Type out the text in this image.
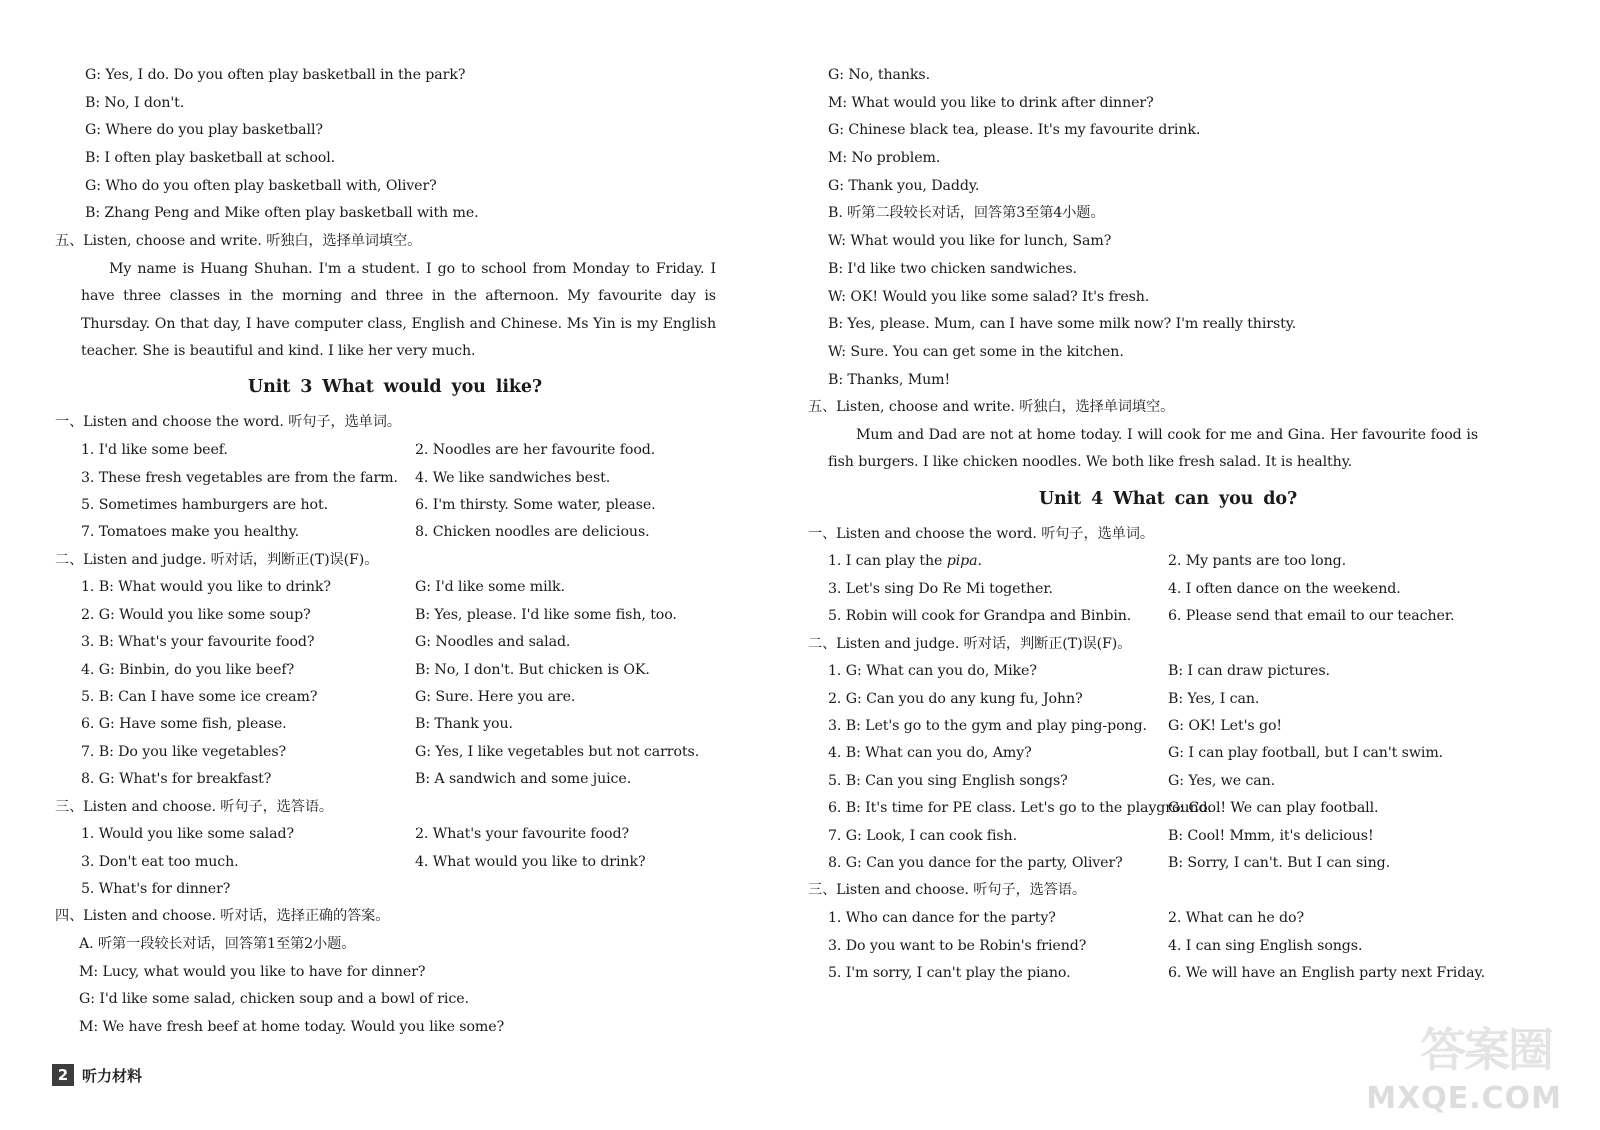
G: Yes, I do. Do you often play basketball in the park?
B: No, I don't.
G: Where do you play basketball?
B: I often play basketball at school.
G: Who do you often play basketball with, Oliver?
B: Zhang Peng and Mike often play basketball with me.
五、Listen, choose and write. 听独白，选择单词填空。

My name is Huang Shuhan. I'm a student. I go to school from Monday to Friday. I have three classes in the morning and three in the afternoon. My favourite day is Thursday. On that day, I have computer class, English and Chinese. Ms Yin is my English teacher. She is beautiful and kind. I like her very much.

Unit 3 What would you like?
一、Listen and choose the word. 听句子，选单词。
1. I'd like some beef.	2. Noodles are her favourite food.
3. These fresh vegetables are from the farm.	4. We like sandwiches best.
5. Sometimes hamburgers are hot.	6. I'm thirsty. Some water, please.
7. Tomatoes make you healthy.	8. Chicken noodles are delicious.
二、Listen and judge. 听对话，判断正(T)误(F)。
1. B: What would you like to drink?	G: I'd like some milk.
2. G: Would you like some soup?	B: Yes, please. I'd like some fish, too.
3. B: What's your favourite food?	G: Noodles and salad.
4. G: Binbin, do you like beef?	B: No, I don't. But chicken is OK.
5. B: Can I have some ice cream?	G: Sure. Here you are.
6. G: Have some fish, please.	B: Thank you.
7. B: Do you like vegetables?	G: Yes, I like vegetables but not carrots.
8. G: What's for breakfast?	B: A sandwich and some juice.
三、Listen and choose. 听句子，选答语。
1. Would you like some salad?	2. What's your favourite food?
3. Don't eat too much.	4. What would you like to drink?
5. What's for dinner?
四、Listen and choose. 听对话，选择正确的答案。
A. 听第一段较长对话，回答第1至第2小题。
M: Lucy, what would you like to have for dinner?
G: I'd like some salad, chicken soup and a bowl of rice.
M: We have fresh beef at home today. Would you like some?
G: No, thanks.
M: What would you like to drink after dinner?
G: Chinese black tea, please. It's my favourite drink.
M: No problem.
G: Thank you, Daddy.
B. 听第二段较长对话，回答第3至第4小题。
W: What would you like for lunch, Sam?
B: I'd like two chicken sandwiches.
W: OK! Would you like some salad? It's fresh.
B: Yes, please. Mum, can I have some milk now? I'm really thirsty.
W: Sure. You can get some in the kitchen.
B: Thanks, Mum!
五、Listen, choose and write. 听独白，选择单词填空。

Mum and Dad are not at home today. I will cook for me and Gina. Her favourite food is fish burgers. I like chicken noodles. We both like fresh salad. It is healthy.

Unit 4 What can you do?
一、Listen and choose the word. 听句子，选单词。
1. I can play the pipa.	2. My pants are too long.
3. Let's sing Do Re Mi together.	4. I often dance on the weekend.
5. Robin will cook for Grandpa and Binbin.	6. Please send that email to our teacher.
二、Listen and judge. 听对话，判断正(T)误(F)。
1. G: What can you do, Mike?	B: I can draw pictures.
2. G: Can you do any kung fu, John?	B: Yes, I can.
3. B: Let's go to the gym and play ping-pong.	G: OK! Let's go!
4. B: What can you do, Amy?	G: I can play football, but I can't swim.
5. B: Can you sing English songs?	G: Yes, we can.
6. B: It's time for PE class. Let's go to the playground.
G: Cool! We can play football.
7. G: Look, I can cook fish.	B: Cool! Mmm, it's delicious!
8. G: Can you dance for the party, Oliver?	B: Sorry, I can't. But I can sing.
三、Listen and choose. 听句子，选答语。
1. Who can dance for the party?	2. What can he do?
3. Do you want to be Robin's friend?	4. I can sing English songs.
5. I'm sorry, I can't play the piano.	6. We will have an English party next Friday.
2 听力材料	答案圈
MXQE.COM
